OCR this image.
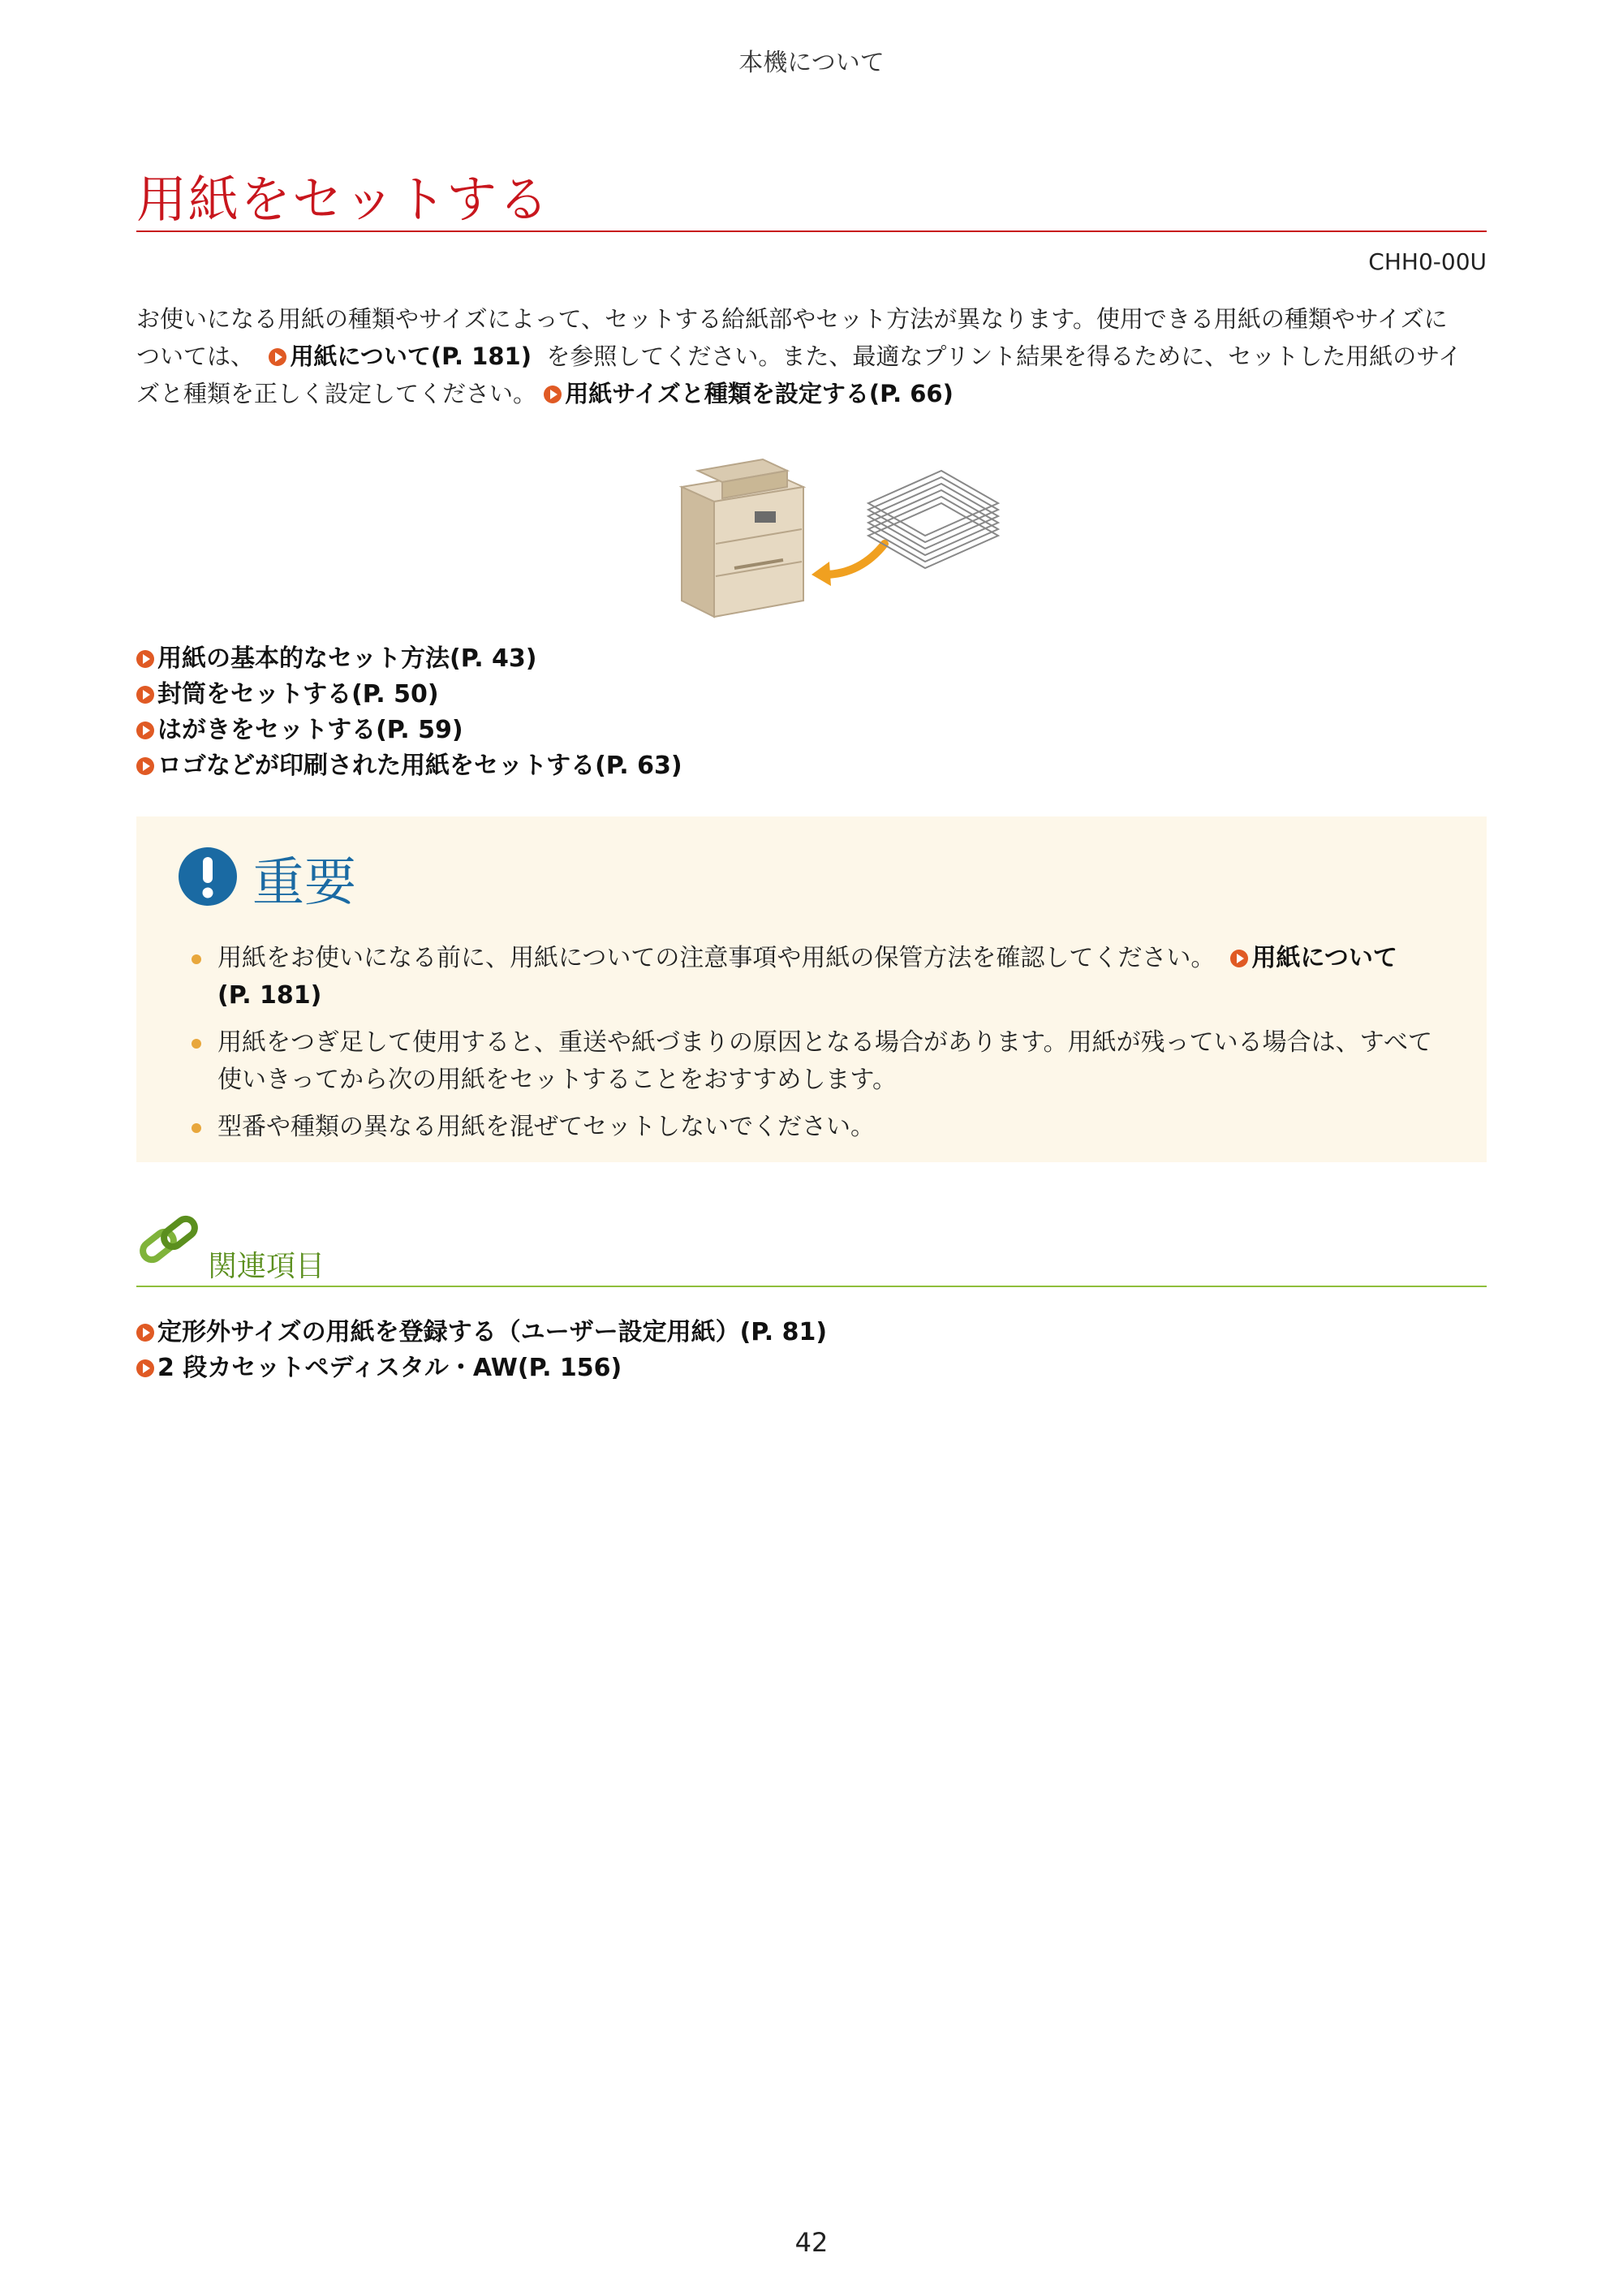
本機について
用紙をセットする
CHH0-00U

お使いになる用紙の種類やサイズによって、セットする給紙部やセット方法が異なります。使用できる用紙の種類やサイズに

ついては、 用紙について(P. 181) を参照してください。また、最適なプリント結果を得るために、セットした用紙のサイ

ズと種類を正しく設定してください。 用紙サイズと種類を設定する(P. 66)

用紙の基本的なセット方法(P. 43)
封筒をセットする(P. 50)
はがきをセットする(P. 59)
ロゴなどが印刷された用紙をセットする(P. 63)
重要
用紙をお使いになる前に、用紙についての注意事項や用紙の保管方法を確認してください。 用紙について
(P. 181)
用紙をつぎ足して使用すると、重送や紙づまりの原因となる場合があります。用紙が残っている場合は、すべて使いきってから次の用紙をセットすることをおすすめします。
型番や種類の異なる用紙を混ぜてセットしないでください。
関連項目
定形外サイズの用紙を登録する（ユーザー設定用紙）(P. 81)
2 段カセットペディスタル・AW(P. 156)
42
